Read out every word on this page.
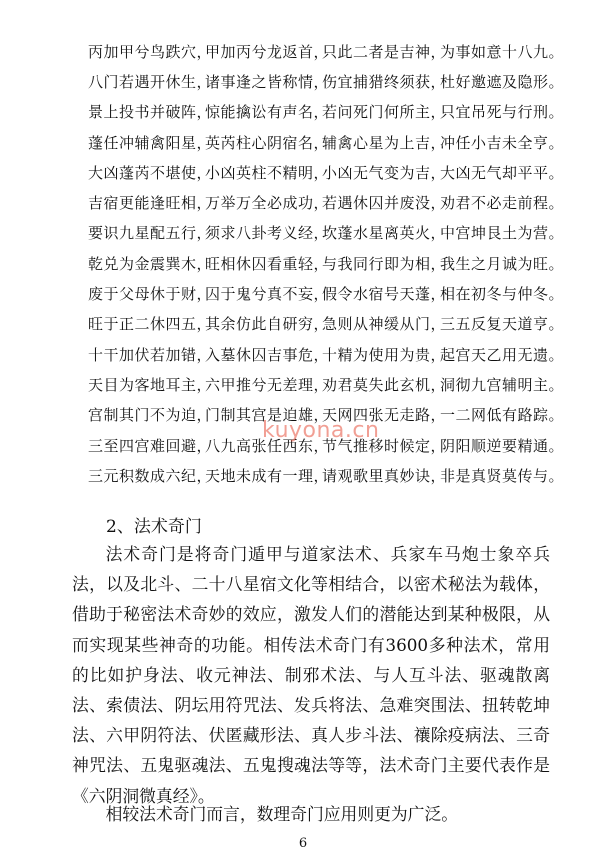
丙加甲兮鸟跌穴，
甲加丙兮龙返首，
只此二者是吉神，
为事如意十八九。
八门若遇开休生，
诸事逢之皆称情，
伤宜捕猎终须获，
杜好邀遮及隐形。
景上投书并破阵，
惊能擒讼有声名，
若问死门何所主，
只宜吊死与行刑。
蓬任冲辅禽阳星，
英芮柱心阴宿名，
辅禽心星为上吉，
冲任小吉未全亨。
大凶蓬芮不堪使，
小凶英柱不精明，
小凶无气变为吉，
大凶无气却平平。
吉宿更能逢旺相，
万举万全必成功，
若遇休囚并废没，
劝君不必走前程。
要识九星配五行，
须求八卦考义经，
坎蓬水星离英火，
中宫坤艮土为营。
乾兑为金震巽木，
旺相休囚看重轻，
与我同行即为相，
我生之月诚为旺。
废于父母休于财，
囚于鬼兮真不妄，
假令水宿号天蓬，
相在初冬与仲冬。
旺于正二休四五，
其余仿此自研穷，
急则从神缓从门，
三五反复天道亨。
十干加伏若加错，
入墓休囚吉事危，
十精为使用为贵，
起宫天乙用无遗。
天目为客地耳主，
六甲推兮无差理，
劝君莫失此玄机，
洞彻九宫辅明主。
宫制其门不为迫，
门制其宫是迫雄，
天网四张无走路，
一二网低有路踪。
三至四宫难回避，
八九高张任西东，
节气推移时候定，
阴阳顺逆要精通。
三元积数成六纪，
天地未成有一理，
请观歌里真妙诀，
非是真贤莫传与。
kuyona.cn
2、法术奇门

法术奇门是将奇门遁甲与道家法术、兵家车马炮士象卒兵法，以及北斗、二十八星宿文化等相结合，以密术秘法为载体，借助于秘密法术奇妙的效应，激发人们的潜能达到某种极限，从而实现某些神奇的功能。相传法术奇门有3600多种法术，常用的比如护身法、收元神法、制邪术法、与人互斗法、驱魂散离法、索债法、阴坛用符咒法、发兵将法、急难突围法、扭转乾坤法、六甲阴符法、伏匿藏形法、真人步斗法、禳除疫病法、三奇神咒法、五鬼驱魂法、五鬼搜魂法等等，法术奇门主要代表作是《六阴洞微真经》。

相较法术奇门而言，数理奇门应用则更为广泛。

6
